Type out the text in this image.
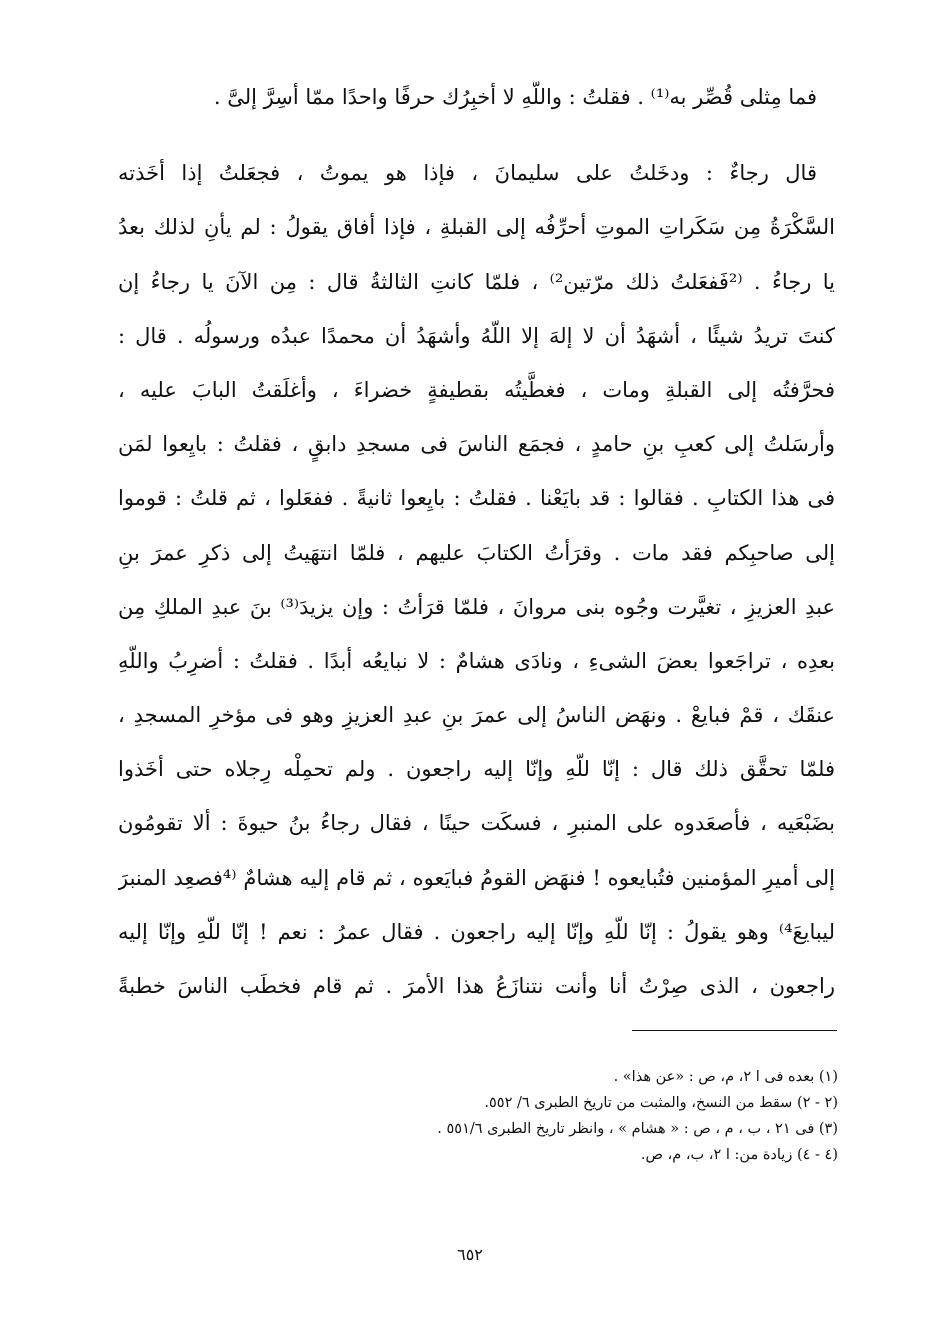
فما مِثلى قُصِّر به⁽¹⁾ . فقلتُ : واللّهِ لا أخبِرُك حرفًا واحدًا ممّا أسِرَّ إلىَّ .
قال رجاءٌ : ودخَلتُ على سليمانَ ، فإذا هو يموتُ ، فجعَلتُ إذا أخَذته
السَّكْرَةُ مِن سَكَراتِ الموتِ أحرِّفُه إلى القبلةِ ، فإذا أفاق يقولُ : لم يأنِ لذلك بعدُ
يا رجاءُ . ⁽²فَفعَلتُ ذلك مرّتين²⁾ ، فلمّا كانتِ الثالثةُ قال : مِن الآنَ يا رجاءُ إن
كنتَ تريدُ شيئًا ، أشهَدُ أن لا إلهَ إلا اللّهُ وأشهَدُ أن محمدًا عبدُه ورسولُه . قال :
فحرَّفتُه إلى القبلةِ ومات ، فغطَّيتُه بقطيفةٍ خضراءَ ، وأغلَقتُ البابَ عليه ،
وأرسَلتُ إلى كعبِ بنِ حامدٍ ، فجمَع الناسَ فى مسجدِ دابقٍ ، فقلتُ : بايِعوا لمَن
فى هذا الكتابِ . فقالوا : قد بايَعْنا . فقلتُ : بايِعوا ثانيةً . ففعَلوا ، ثم قلتُ : قوموا
إلى صاحبِكم فقد مات . وقرَأتُ الكتابَ عليهم ، فلمّا انتهَيتُ إلى ذكرِ عمرَ بنِ
عبدِ العزيزِ ، تغيَّرت وجُوه بنى مروانَ ، فلمّا قرَأتُ : وإن يزيدَ⁽³⁾ بنَ عبدِ الملكِ مِن
بعدِه ، تراجَعوا بعضَ الشىءِ ، ونادَى هشامٌ : لا نبايعُه أبدًا . فقلتُ : أضرِبُ واللّهِ
عنقَك ، قمْ فبايعْ . ونهَض الناسُ إلى عمرَ بنِ عبدِ العزيزِ وهو فى مؤخرِ المسجدِ ،
فلمّا تحقَّق ذلك قال : إنّا للّهِ وإنّا إليه راجعون . ولم تحمِلْه رِجلاه حتى أخَذوا
بضَبْعَيه ، فأصعَدوه على المنبرِ ، فسكَت حينًا ، فقال رجاءُ بنُ حيوةَ : ألا تقومُون
إلى أميرِ المؤمنين فتُبايعوه ! فنهَض القومُ فبايَعوه ، ثم قام إليه هشامٌ ⁽⁴فصعِد المنبرَ
ليبايعَ⁴⁾ وهو يقولُ : إنّا للّهِ وإنّا إليه راجعون . فقال عمرُ : نعم ! إنّا للّهِ وإنّا إليه
راجعون ، الذى صِرْتُ أنا وأنت نتنازَعُ هذا الأمرَ . ثم قام فخطَب الناسَ خطبةً
(١) بعده فى ا ٢، م، ص : «عن هذا» .
(٢ - ٢) سقط من النسخ، والمثبت من تاريخ الطبرى ٦/ ٥٥٢.
(٣) فى ٢١ ، ب ، م ، ص : « هشام » ، وانظر تاريخ الطبرى ٥٥١/٦ .
(٤ - ٤) زيادة من: ا ٢، ب، م، ص.
٦٥٢
